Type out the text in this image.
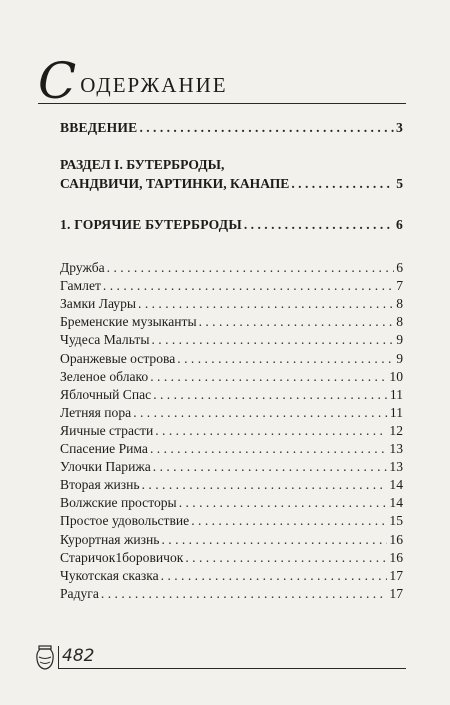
Содержание
ВВЕДЕНИЕ . . .	3
РАЗДЕЛ I. БУТЕРБРОДЫ,
САНДВИЧИ, ТАРТИНКИ, КАНАПЕ . . .	5
1. ГОРЯЧИЕ БУТЕРБРОДЫ . . .	6
Дружба . . .	6
Гамлет . . .	7
Замки Лауры . . .	8
Бременские музыканты . . .	8
Чудеса Мальты . . .	9
Оранжевые острова . . .	9
Зеленое облако . . .	10
Яблочный Спас . . .	11
Летняя пора . . .	11
Яичные страсти . . .	12
Спасение Рима . . .	13
Улочки Парижа . . .	13
Вторая жизнь . . .	14
Волжские просторы . . .	14
Простое удовольствие . . .	15
Курортная жизнь . . .	16
Старичок1боровичок . . .	16
Чукотская сказка . . .	17
Радуга . . .	17
482
